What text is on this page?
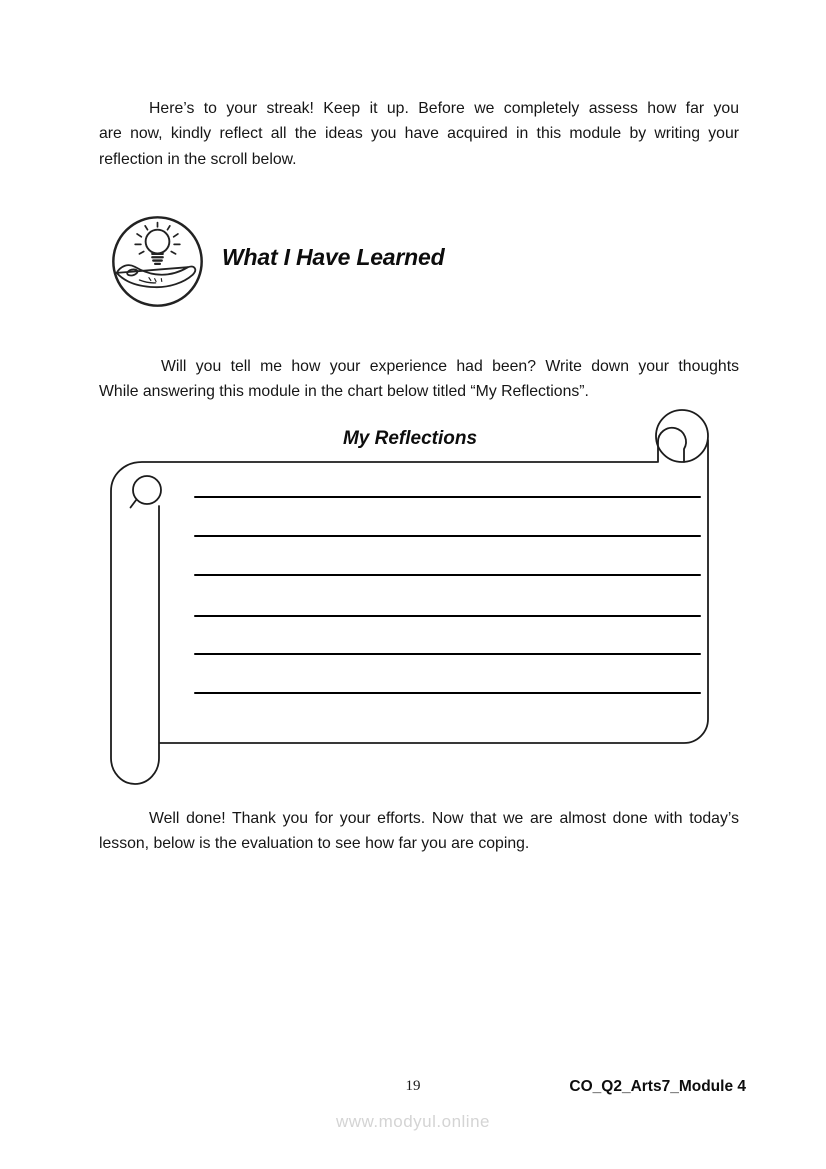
Here’s to your streak! Keep it up. Before we completely assess how far you
are now, kindly reflect all the ideas you have acquired in this module by writing your
reflection in the scroll below.
What I Have Learned
Will you tell me how your experience had been? Write down your thoughts
While answering this module in the chart below titled “My Reflections”.
My Reflections
Well done! Thank you for your efforts. Now that we are almost done with today’s
lesson, below is the evaluation to see how far you are coping.
19	CO_Q2_Arts7_Module 4
www.modyul.online
